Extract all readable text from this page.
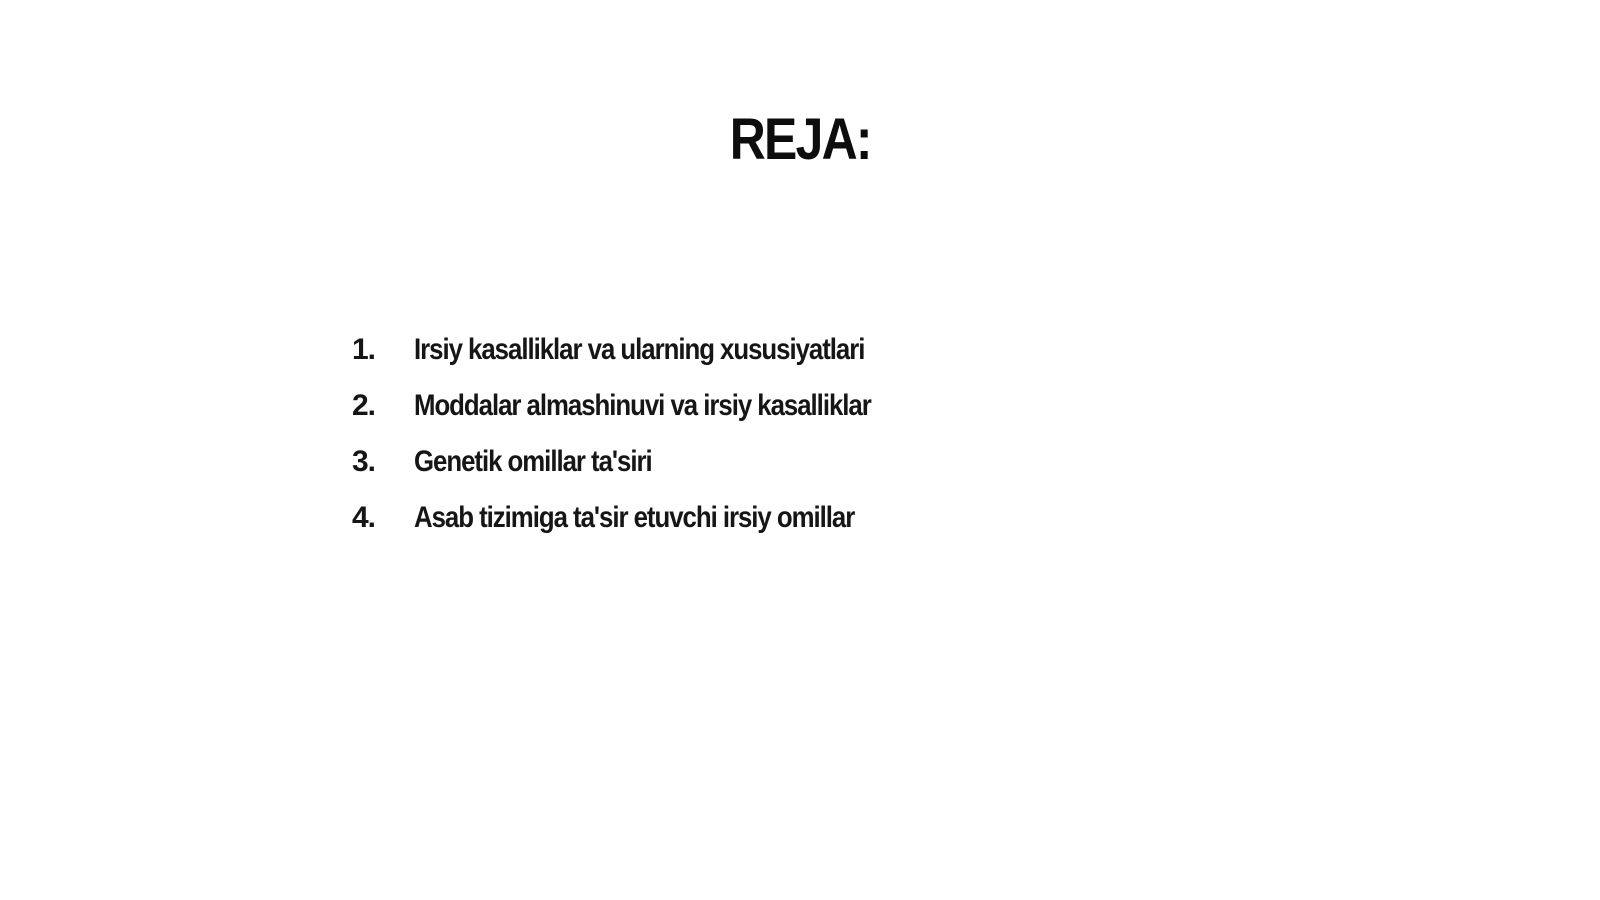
REJA:
1.	Irsiy kasalliklar va ularning xususiyatlari
2.	Moddalar almashinuvi va irsiy kasalliklar
3.	Genetik omillar ta'siri
4.	Asab tizimiga ta'sir etuvchi irsiy omillar
